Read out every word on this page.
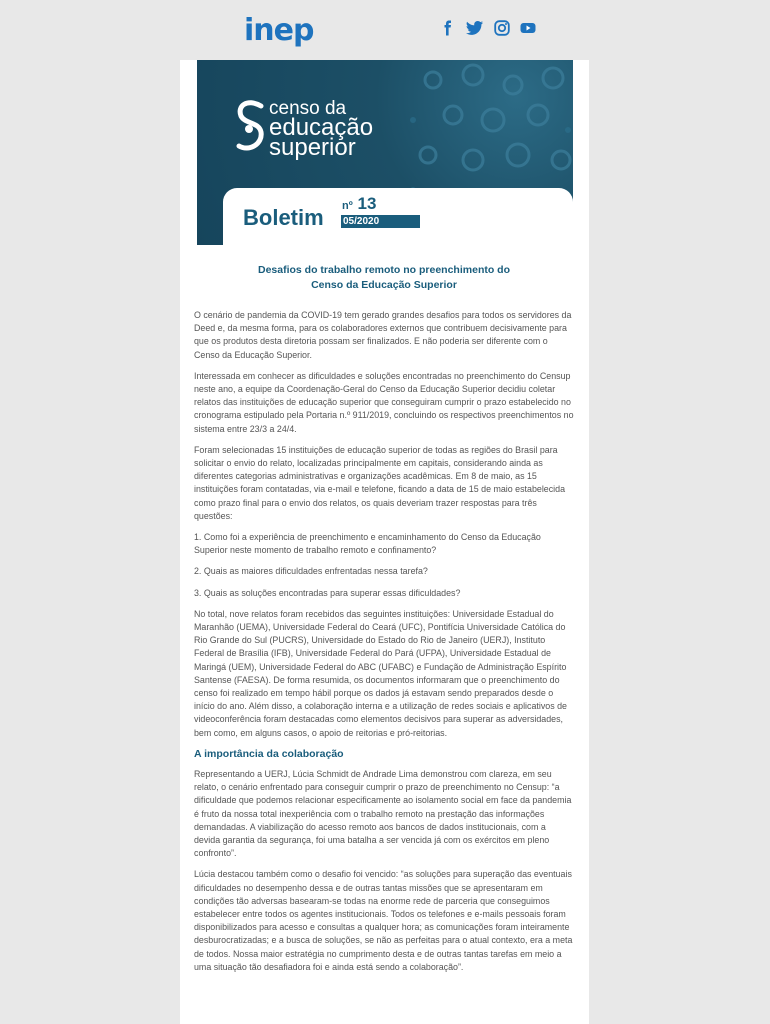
inep
censo da
educação
superior
Boletim nº 13
05/2020
Desafios do trabalho remoto no preenchimento do
Censo da Educação Superior

O cenário de pandemia da COVID-19 tem gerado grandes desafios para todos os servidores da Deed e, da mesma forma, para os colaboradores externos que contribuem decisivamente para que os produtos desta diretoria possam ser finalizados. E não poderia ser diferente com o Censo da Educação Superior.

Interessada em conhecer as dificuldades e soluções encontradas no preenchimento do Censup neste ano, a equipe da Coordenação-Geral do Censo da Educação Superior decidiu coletar relatos das instituições de educação superior que conseguiram cumprir o prazo estabelecido no cronograma estipulado pela Portaria n.º 911/2019, concluindo os respectivos preenchimentos no sistema entre 23/3 a 24/4.

Foram selecionadas 15 instituições de educação superior de todas as regiões do Brasil para solicitar o envio do relato, localizadas principalmente em capitais, considerando ainda as diferentes categorias administrativas e organizações acadêmicas. Em 8 de maio, as 15 instituições foram contatadas, via e-mail e telefone, ficando a data de 15 de maio estabelecida como prazo final para o envio dos relatos, os quais deveriam trazer respostas para três questões:

1. Como foi a experiência de preenchimento e encaminhamento do Censo da Educação Superior neste momento de trabalho remoto e confinamento?

2. Quais as maiores dificuldades enfrentadas nessa tarefa?

3. Quais as soluções encontradas para superar essas dificuldades?

No total, nove relatos foram recebidos das seguintes instituições: Universidade Estadual do Maranhão (UEMA), Universidade Federal do Ceará (UFC), Pontifícia Universidade Católica do Rio Grande do Sul (PUCRS), Universidade do Estado do Rio de Janeiro (UERJ), Instituto Federal de Brasília (IFB), Universidade Federal do Pará (UFPA), Universidade Estadual de Maringá (UEM), Universidade Federal do ABC (UFABC) e Fundação de Administração Espírito Santense (FAESA). De forma resumida, os documentos informaram que o preenchimento do censo foi realizado em tempo hábil porque os dados já estavam sendo preparados desde o início do ano. Além disso, a colaboração interna e a utilização de redes sociais e aplicativos de videoconferência foram destacadas como elementos decisivos para superar as adversidades, bem como, em alguns casos, o apoio de reitorias e pró-reitorias.

A importância da colaboração

Representando a UERJ, Lúcia Schmidt de Andrade Lima demonstrou com clareza, em seu relato, o cenário enfrentado para conseguir cumprir o prazo de preenchimento no Censup: “a dificuldade que podemos relacionar especificamente ao isolamento social em face da pandemia é fruto da nossa total inexperiência com o trabalho remoto na prestação das informações demandadas. A viabilização do acesso remoto aos bancos de dados institucionais, com a devida garantia da segurança, foi uma batalha a ser vencida já com os exércitos em pleno confronto”.

Lúcia destacou também como o desafio foi vencido: “as soluções para superação das eventuais dificuldades no desempenho dessa e de outras tantas missões que se apresentaram em condições tão adversas basearam-se todas na enorme rede de parceria que conseguimos estabelecer entre todos os agentes institucionais. Todos os telefones e e-mails pessoais foram disponibilizados para acesso e consultas a qualquer hora; as comunicações foram inteiramente desburocratizadas; e a busca de soluções, se não as perfeitas para o atual contexto, era a meta de todos. Nossa maior estratégia no cumprimento desta e de outras tantas tarefas em meio a uma situação tão desafiadora foi e ainda está sendo a colaboração”.
